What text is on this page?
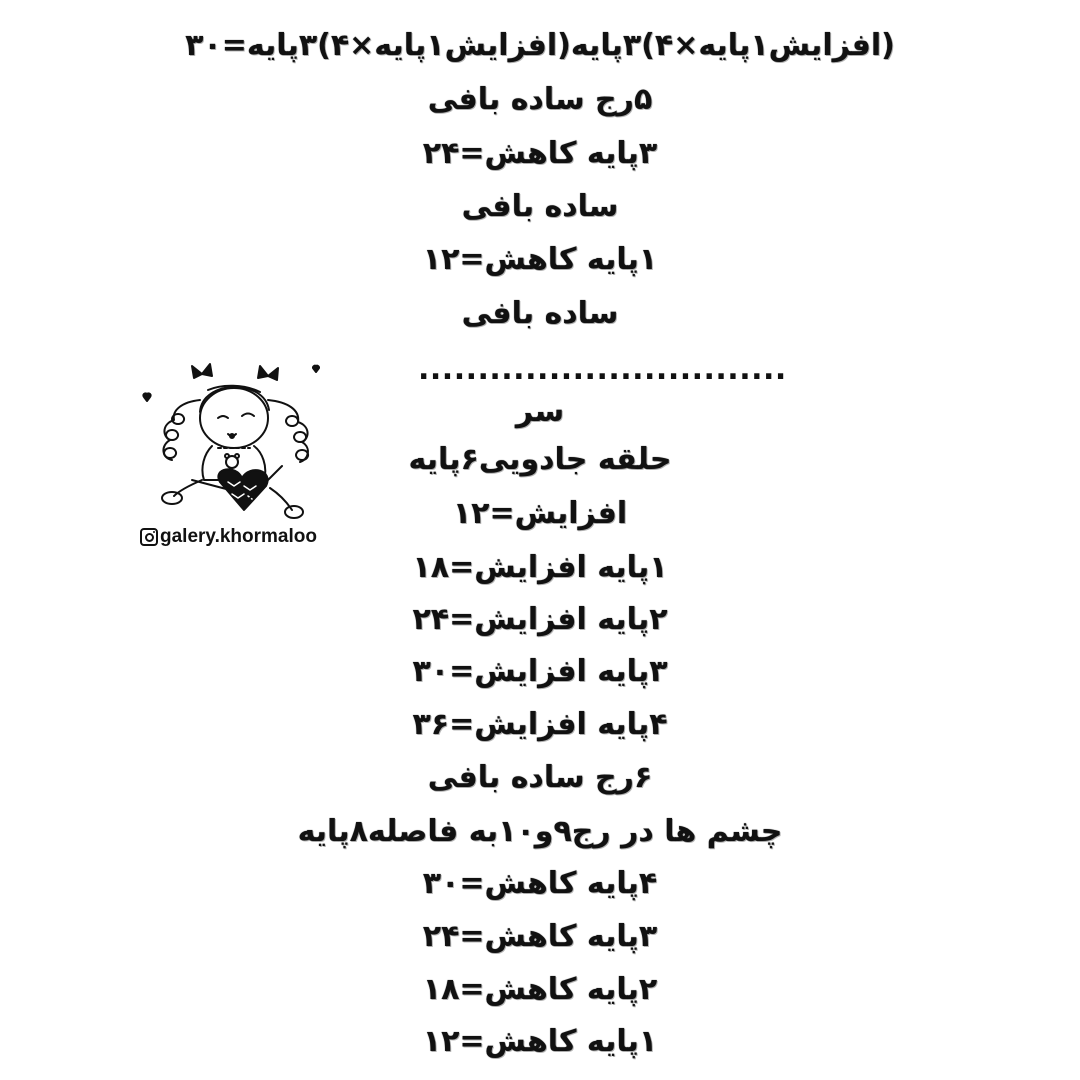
(افزایش۱پایه×۴)۳پایه(افزایش۱پایه×۴)۳پایه=۳۰
۵رج ساده بافی
۳پایه کاهش=۲۴
ساده بافی
۱پایه کاهش=۱۲
ساده بافی
...............................
سر
حلقه جادویی۶پایه
افزایش=۱۲
۱پایه افزایش=۱۸
۲پایه افزایش=۲۴
۳پایه افزایش=۳۰
۴پایه افزایش=۳۶
۶رج ساده بافی
چشم ها در رج۹و۱۰به فاصله۸پایه
۴پایه کاهش=۳۰
۳پایه کاهش=۲۴
۲پایه کاهش=۱۸
۱پایه کاهش=۱۲
galery.khormaloo
